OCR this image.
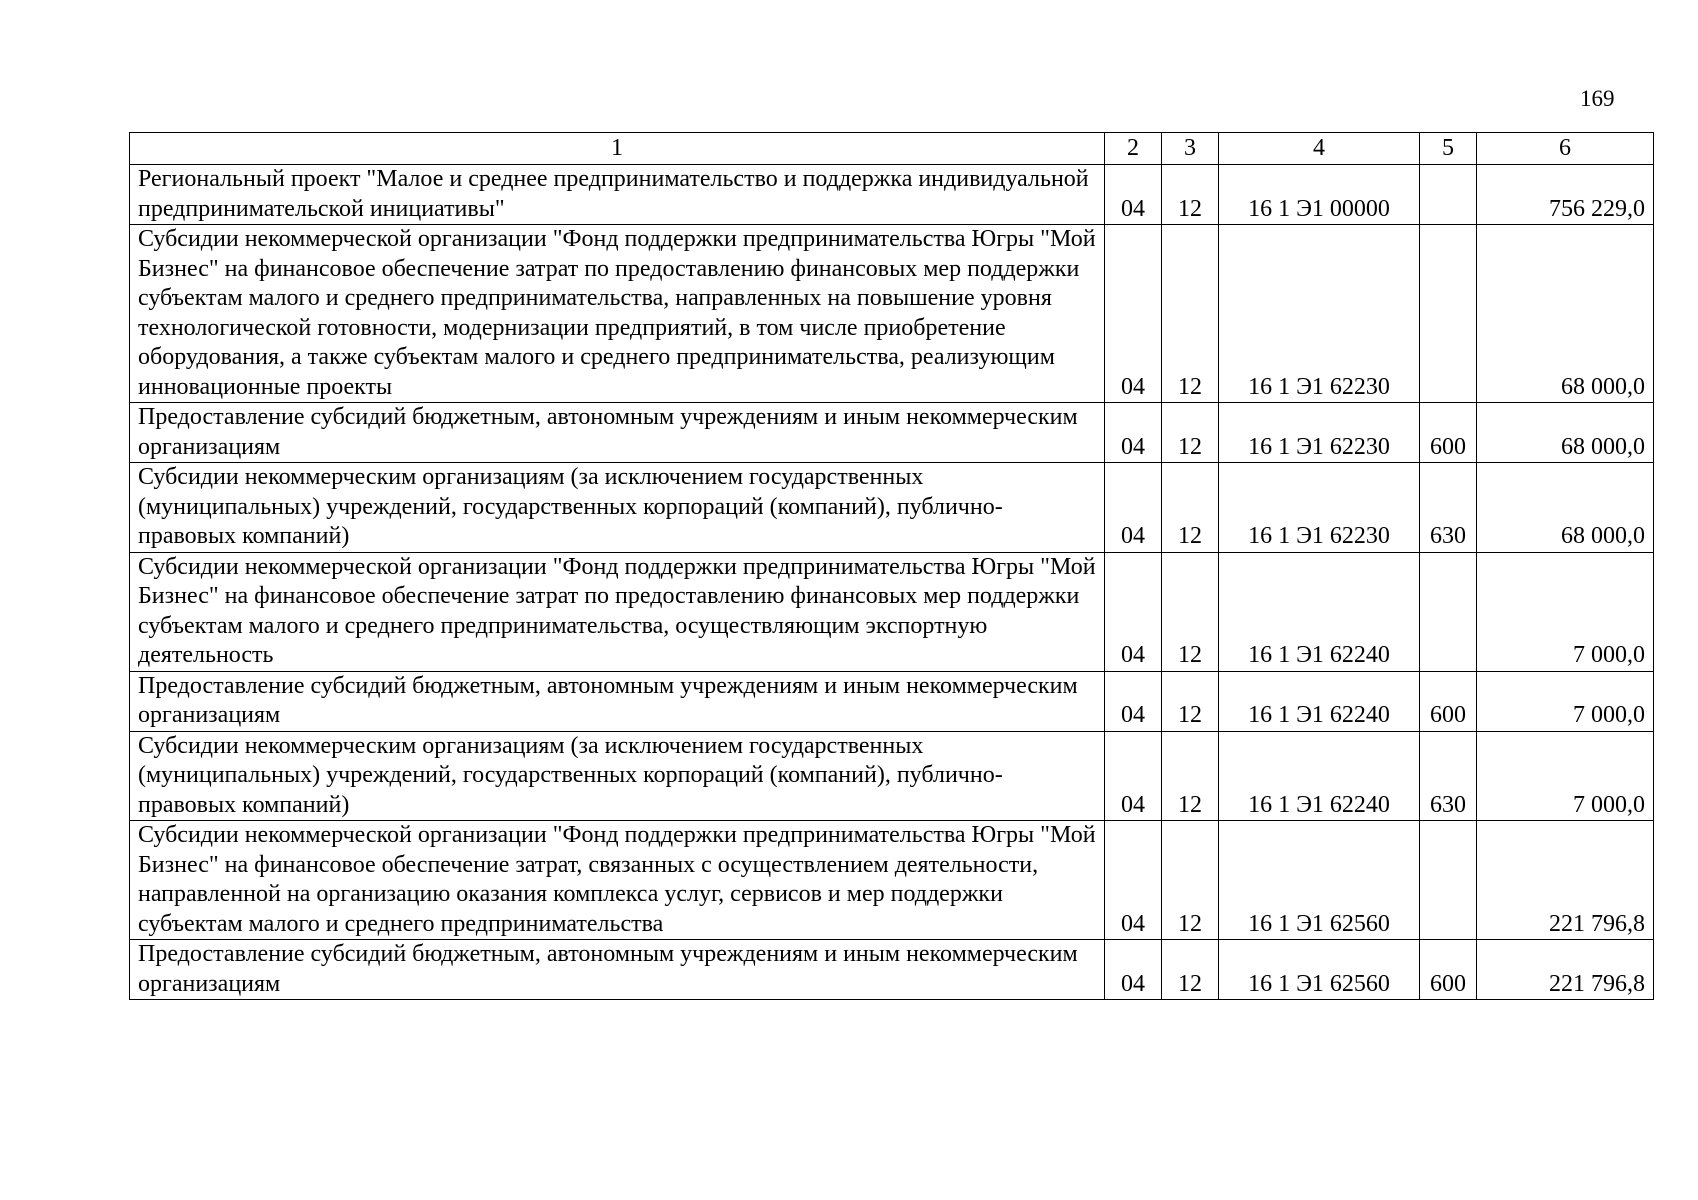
169
1	2	3	4	5	6
Региональный проект "Малое и среднее предпринимательство и поддержка индивидуальной предпринимательской инициативы"	04	12	16 1 Э1 00000		756 229,0
Субсидии некоммерческой организации "Фонд поддержки предпринимательства Югры "Мой Бизнес" на финансовое обеспечение затрат по предоставлению финансовых мер поддержки субъектам малого и среднего предпринимательства, направленных на повышение уровня технологической готовности, модернизации предприятий, в том числе приобретение оборудования, а также субъектам малого и среднего предпринимательства, реализующим инновационные проекты	04	12	16 1 Э1 62230		68 000,0
Предоставление субсидий бюджетным, автономным учреждениям и иным некоммерческим организациям	04	12	16 1 Э1 62230	600	68 000,0
Субсидии некоммерческим организациям (за исключением государственных (муниципальных) учреждений, государственных корпораций (компаний), публично-правовых компаний)	04	12	16 1 Э1 62230	630	68 000,0
Субсидии некоммерческой организации "Фонд поддержки предпринимательства Югры "Мой Бизнес" на финансовое обеспечение затрат по предоставлению финансовых мер поддержки субъектам малого и среднего предпринимательства, осуществляющим экспортную деятельность	04	12	16 1 Э1 62240		7 000,0
Предоставление субсидий бюджетным, автономным учреждениям и иным некоммерческим организациям	04	12	16 1 Э1 62240	600	7 000,0
Субсидии некоммерческим организациям (за исключением государственных (муниципальных) учреждений, государственных корпораций (компаний), публично-правовых компаний)	04	12	16 1 Э1 62240	630	7 000,0
Субсидии некоммерческой организации "Фонд поддержки предпринимательства Югры "Мой Бизнес" на финансовое обеспечение затрат, связанных с осуществлением деятельности, направленной на организацию оказания комплекса услуг, сервисов и мер поддержки субъектам малого и среднего предпринимательства	04	12	16 1 Э1 62560		221 796,8
Предоставление субсидий бюджетным, автономным учреждениям и иным некоммерческим организациям	04	12	16 1 Э1 62560	600	221 796,8
